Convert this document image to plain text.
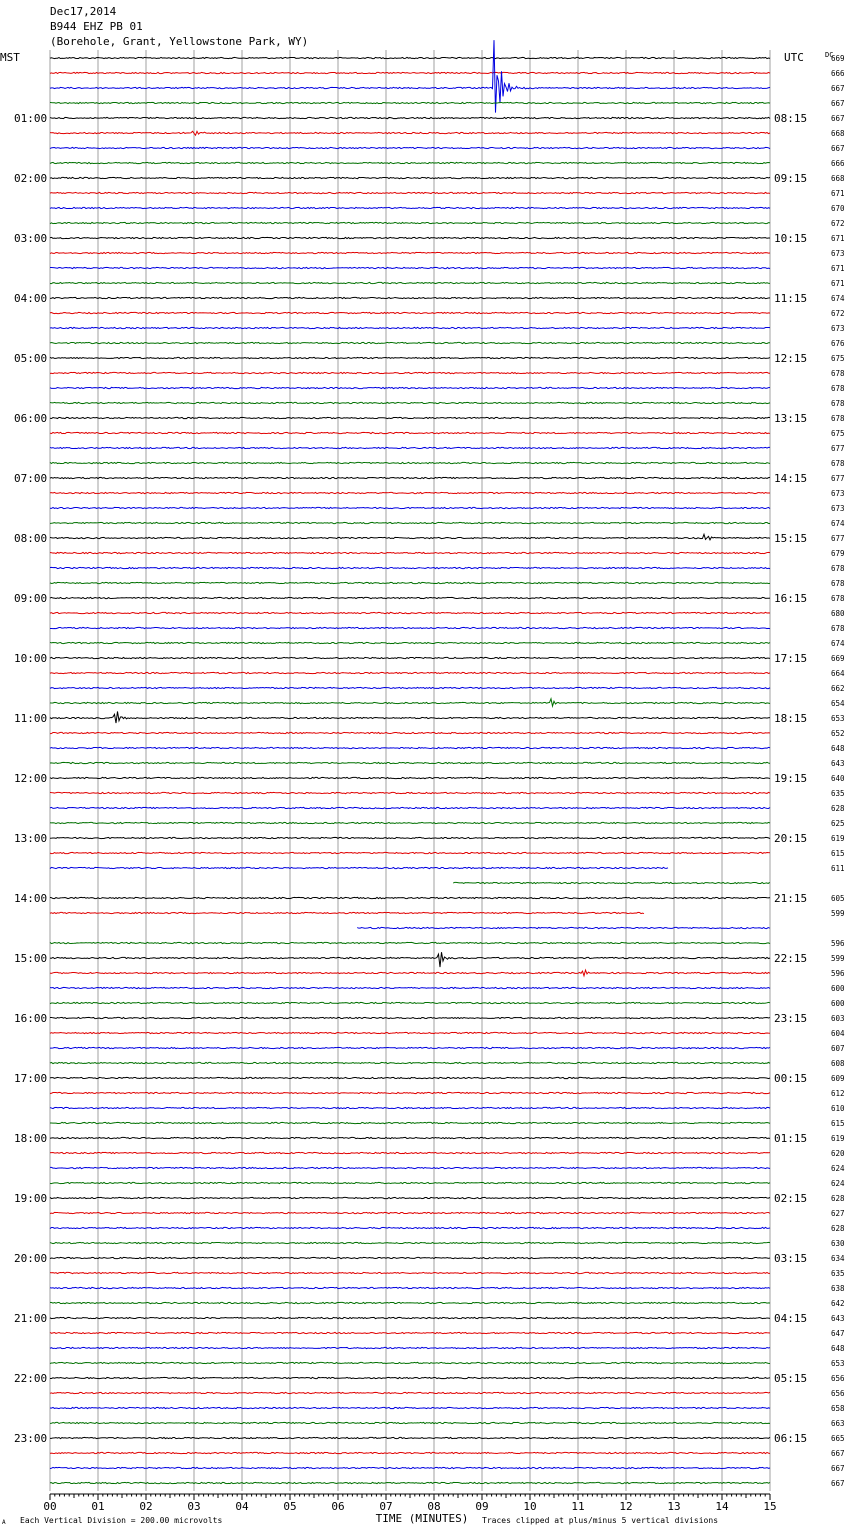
Dec17,2014
B944 EHZ PB 01
(Borehole, Grant, Yellowstone Park, WY)
MST	UTC	DC
01:00	08:15
02:00	09:15
03:00	10:15
04:00	11:15
05:00	12:15
06:00	13:15
07:00	14:15
08:00	15:15
09:00	16:15
10:00	17:15
11:00	18:15
12:00	19:15
13:00	20:15
14:00	21:15
15:00	22:15
16:00	23:15
17:00	00:15
18:00	01:15
19:00	02:15
20:00	03:15
21:00	04:15
22:00	05:15
23:00	06:15
669
666
667
667
667
668
667
666
668
671
670
672
671
673
671
671
674
672
673
676
675
678
678
678
678
675
677
678
677
673
673
674
677
679
678
678
678
680
678
674
669
664
662
654
653
652
648
643
640
635
628
625
619
615
611
605
599
596
599
596
600
600
603
604
607
608
609
612
610
615
619
620
624
624
628
627
628
630
634
635
638
642
643
647
648
653
656
656
658
663
665
667
667
667
00	01	02	03	04	05	06	07	08	09	10	11	12	13	14	15
TIME (MINUTES)
A Each Vertical Division = 200.00 microvolts	Traces clipped at plus/minus 5 vertical divisions
